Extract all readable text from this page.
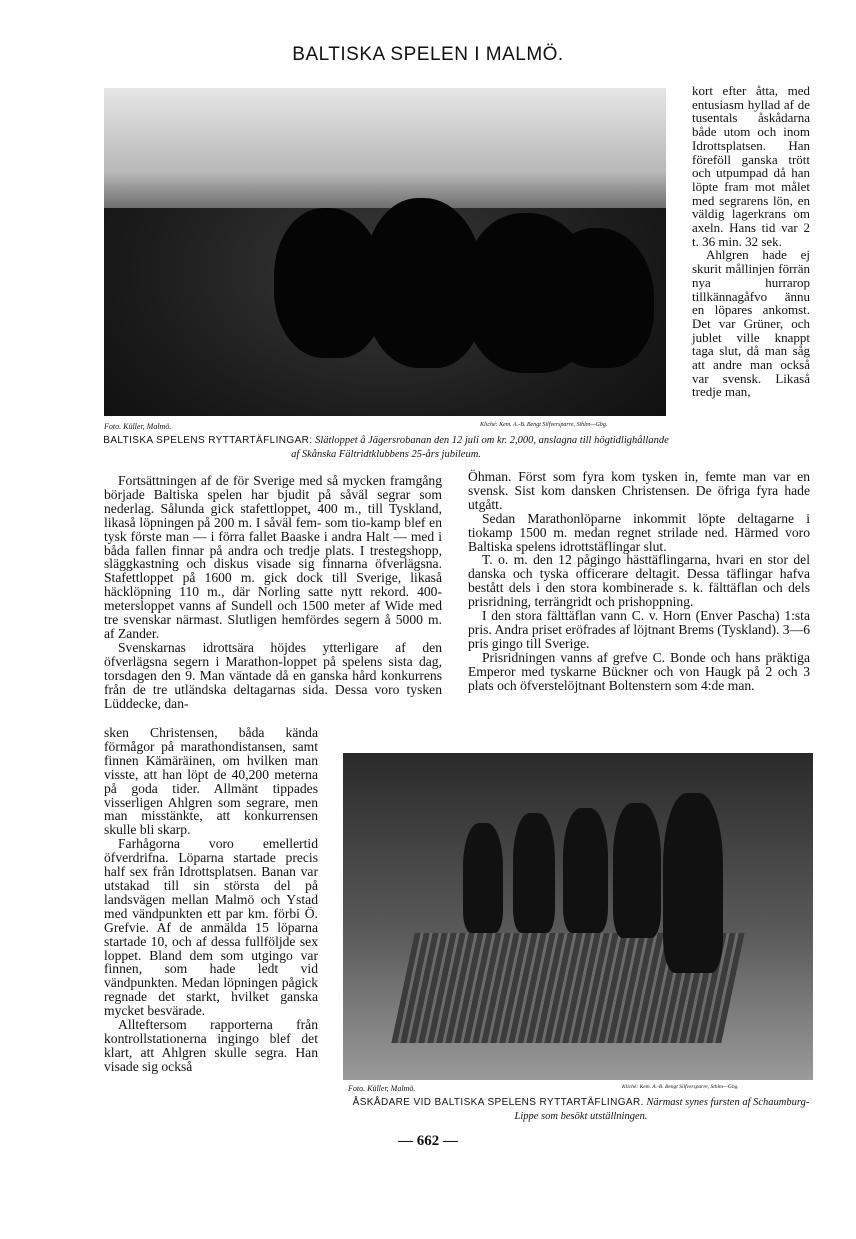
BALTISKA SPELEN I MALMÖ.
Foto. Küller, Malmö.	Kliché: Kem. A.-B. Bengt Silfversparre, Sthlm—Gbg.
BALTISKA SPELENS RYTTARTÄFLINGAR: Slätloppet å Jägersrobanan den 12 juli om kr. 2,000, anslagna till högtidlighållande af Skånska Fältridtklubbens 25-års jubileum.

kort efter åtta, med entusiasm hyllad af de tusentals åskådarna både utom och inom Idrottsplatsen. Han föreföll ganska trött och utpumpad då han löpte fram mot målet med segrarens lön, en väldig lagerkrans om axeln. Hans tid var 2 t. 36 min. 32 sek.

Ahlgren hade ej skurit mållinjen förrän nya hurrarop tillkännagåfvo ännu en löpares ankomst. Det var Grüner, och jublet ville knappt taga slut, då man såg att andre man också var svensk. Likaså tredje man,

Fortsättningen af de för Sverige med så mycken framgång började Baltiska spelen har bjudit på såväl segrar som nederlag. Sålunda gick stafettloppet, 400 m., till Tyskland, likaså löpningen på 200 m. I såväl fem- som tio-kamp blef en tysk förste man — i förra fallet Baaske i andra Halt — med i båda fallen finnar på andra och tredje plats. I trestegshopp, släggkastning och diskus visade sig finnarna öfverlägsna. Stafettloppet på 1600 m. gick dock till Sverige, likaså häcklöpning 110 m., där Norling satte nytt rekord. 400-metersloppet vanns af Sundell och 1500 meter af Wide med tre svenskar närmast. Slutligen hemfördes segern å 5000 m. af Zander.

Svenskarnas idrottsära höjdes ytterligare af den öfverlägsna segern i Marathon-loppet på spelens sista dag, torsdagen den 9. Man väntade då en ganska hård konkurrens från de tre utländska deltagarnas sida. Dessa voro tysken Lüddecke, dan-

sken Christensen, båda kända förmågor på marathondistansen, samt finnen Kämäräinen, om hvilken man visste, att han löpt de 40,200 meterna på goda tider. Allmänt tippades visserligen Ahlgren som segrare, men man misstänkte, att konkurrensen skulle bli skarp.

Farhågorna voro emellertid öfverdrifna. Löparna startade precis half sex från Idrottsplatsen. Banan var utstakad till sin största del på landsvägen mellan Malmö och Ystad med vändpunkten ett par km. förbi Ö. Grefvie. Af de anmälda 15 löparna startade 10, och af dessa fullföljde sex loppet. Bland dem som utgingo var finnen, som hade ledt vid vändpunkten. Medan löpningen pågick regnade det starkt, hvilket ganska mycket besvärade.

Allteftersom rapporterna från kontrollstationerna ingingo blef det klart, att Ahlgren skulle segra. Han visade sig också

Öhman. Först som fyra kom tysken in, femte man var en svensk. Sist kom dansken Christensen. De öfriga fyra hade utgått.

Sedan Marathonlöparne inkommit löpte deltagarne i tiokamp 1500 m. medan regnet strilade ned. Härmed voro Baltiska spelens idrottstäflingar slut.

T. o. m. den 12 pågingo hästtäflingarna, hvari en stor del danska och tyska officerare deltagit. Dessa täflingar hafva bestått dels i den stora kombinerade s. k. fälttäflan och dels prisridning, terrängridt och prishoppning.

I den stora fälttäflan vann C. v. Horn (Enver Pascha) 1:sta pris. Andra priset eröfrades af löjtnant Brems (Tyskland). 3—6 pris gingo till Sverige.

Prisridningen vanns af grefve C. Bonde och hans präktiga Emperor med tyskarne Bückner och von Haugk på 2 och 3 plats och öfverstelöjtnant Boltenstern som 4:de man.

Foto. Küller, Malmö.	Kliché: Kem. A.-B. Bengt Silfversparre, Sthlm—Gbg.
ÅSKÅDARE VID BALTISKA SPELENS RYTTARTÄFLINGAR. Närmast synes fursten af Schaumburg-Lippe som besökt utställningen.
— 662 —
